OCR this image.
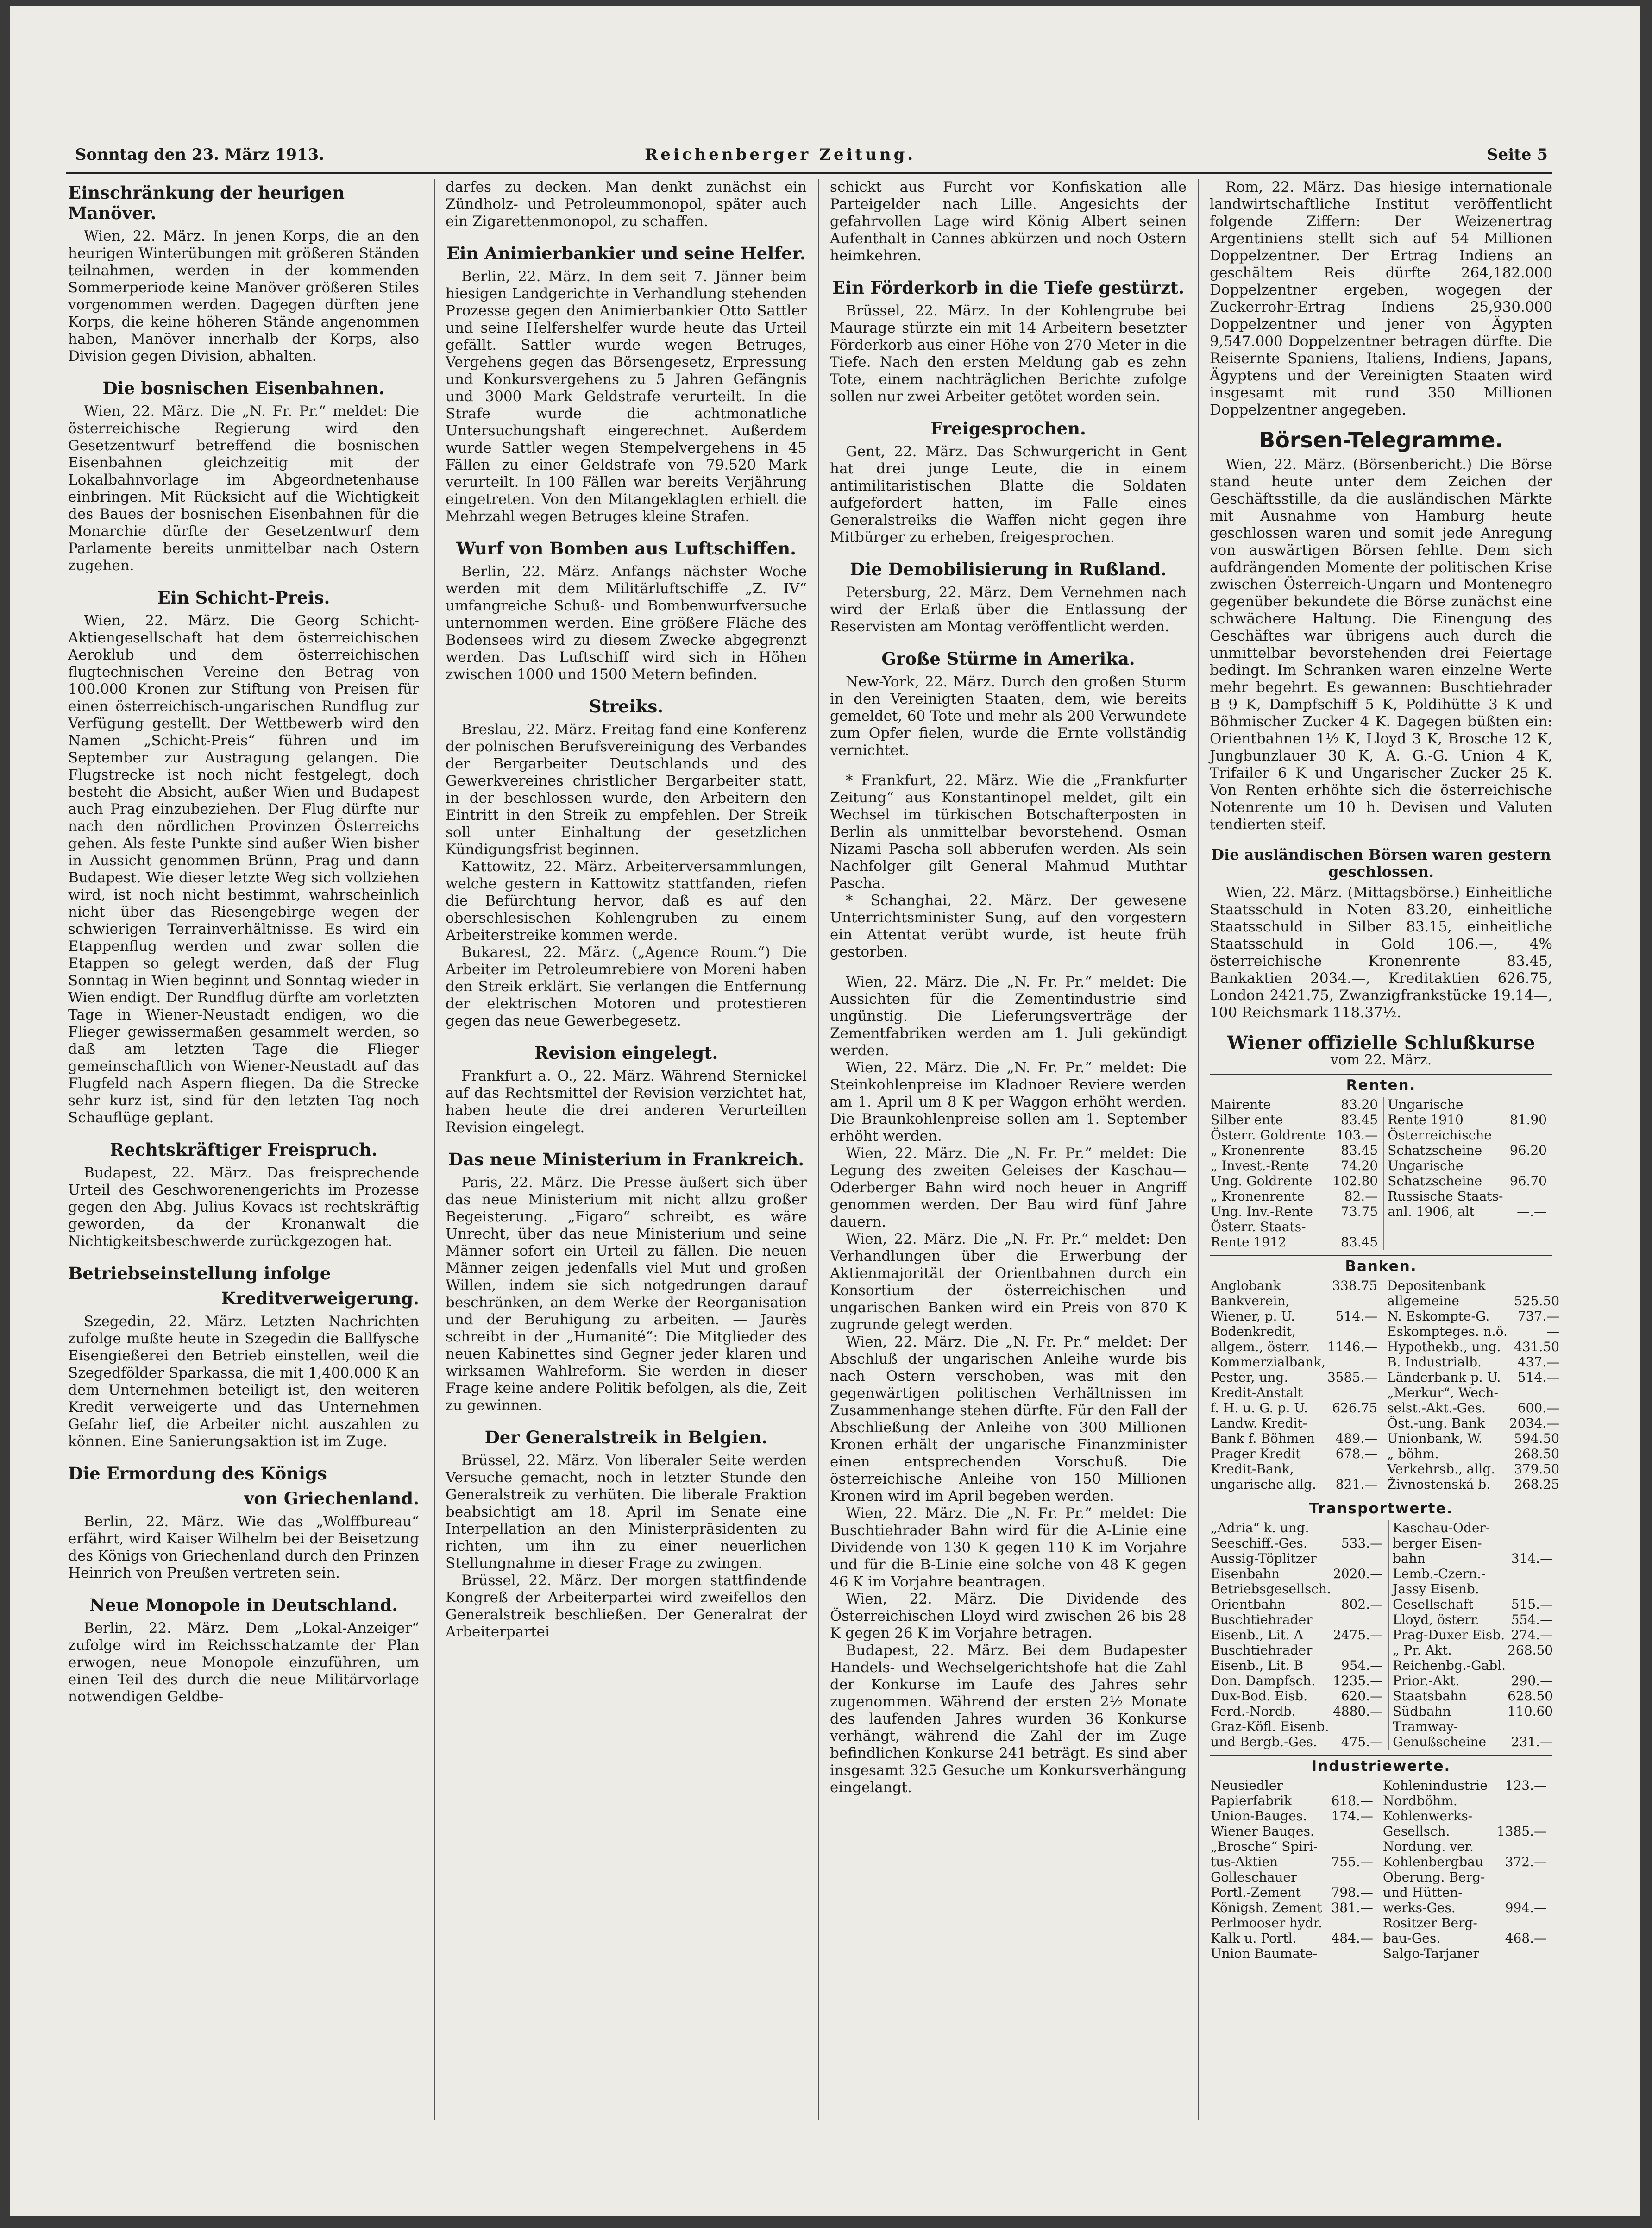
Sonntag den 23. März 1913.	Reichenberger Zeitung.	Seite 5
Einschränkung der heurigen Manöver.

Wien, 22. März. In jenen Korps, die an den heurigen Winterübungen mit größeren Ständen teilnahmen, werden in der kommenden Sommerperiode keine Manöver größeren Stiles vorgenommen werden. Dagegen dürften jene Korps, die keine höheren Stände angenommen haben, Manöver innerhalb der Korps, also Division gegen Division, abhalten.

Die bosnischen Eisenbahnen.

Wien, 22. März. Die „N. Fr. Pr.“ meldet: Die österreichische Regierung wird den Gesetzentwurf betreffend die bosnischen Eisenbahnen gleichzeitig mit der Lokalbahnvorlage im Abgeordnetenhause einbringen. Mit Rücksicht auf die Wichtigkeit des Baues der bosnischen Eisenbahnen für die Monarchie dürfte der Gesetzentwurf dem Parlamente bereits unmittelbar nach Ostern zugehen.

Ein Schicht-Preis.

Wien, 22. März. Die Georg Schicht-Aktiengesellschaft hat dem österreichischen Aeroklub und dem österreichischen flugtechnischen Vereine den Betrag von 100.000 Kronen zur Stiftung von Preisen für einen österreichisch-ungarischen Rundflug zur Verfügung gestellt. Der Wettbewerb wird den Namen „Schicht-Preis“ führen und im September zur Austragung gelangen. Die Flugstrecke ist noch nicht festgelegt, doch besteht die Absicht, außer Wien und Budapest auch Prag einzubeziehen. Der Flug dürfte nur nach den nördlichen Provinzen Österreichs gehen. Als feste Punkte sind außer Wien bisher in Aussicht genommen Brünn, Prag und dann Budapest. Wie dieser letzte Weg sich vollziehen wird, ist noch nicht bestimmt, wahrscheinlich nicht über das Riesengebirge wegen der schwierigen Terrainverhältnisse. Es wird ein Etappenflug werden und zwar sollen die Etappen so gelegt werden, daß der Flug Sonntag in Wien beginnt und Sonntag wieder in Wien endigt. Der Rundflug dürfte am vorletzten Tage in Wiener-Neustadt endigen, wo die Flieger gewissermaßen gesammelt werden, so daß am letzten Tage die Flieger gemeinschaftlich von Wiener-Neustadt auf das Flugfeld nach Aspern fliegen. Da die Strecke sehr kurz ist, sind für den letzten Tag noch Schauflüge geplant.

Rechtskräftiger Freispruch.

Budapest, 22. März. Das freisprechende Urteil des Geschworenengerichts im Prozesse gegen den Abg. Julius Kovacs ist rechtskräftig geworden, da der Kronanwalt die Nichtigkeitsbeschwerde zurückgezogen hat.

Betriebseinstellung infolge
Kreditverweigerung.

Szegedin, 22. März. Letzten Nachrichten zufolge mußte heute in Szegedin die Ballfysche Eisengießerei den Betrieb einstellen, weil die Szegedfölder Sparkassa, die mit 1,400.000 K an dem Unternehmen beteiligt ist, den weiteren Kredit verweigerte und das Unternehmen Gefahr lief, die Arbeiter nicht auszahlen zu können. Eine Sanierungsaktion ist im Zuge.

Die Ermordung des Königs
von Griechenland.

Berlin, 22. März. Wie das „Wolffbureau“ erfährt, wird Kaiser Wilhelm bei der Beisetzung des Königs von Griechenland durch den Prinzen Heinrich von Preußen vertreten sein.

Neue Monopole in Deutschland.

Berlin, 22. März. Dem „Lokal-Anzeiger“ zufolge wird im Reichsschatzamte der Plan erwogen, neue Monopole einzuführen, um einen Teil des durch die neue Militärvorlage notwendigen Geldbe-

darfes zu decken. Man denkt zunächst ein Zündholz- und Petroleummonopol, später auch ein Zigarettenmonopol, zu schaffen.

Ein Animierbankier und seine Helfer.

Berlin, 22. März. In dem seit 7. Jänner beim hiesigen Landgerichte in Verhandlung stehenden Prozesse gegen den Animierbankier Otto Sattler und seine Helfershelfer wurde heute das Urteil gefällt. Sattler wurde wegen Betruges, Vergehens gegen das Börsengesetz, Erpressung und Konkursvergehens zu 5 Jahren Gefängnis und 3000 Mark Geldstrafe verurteilt. In die Strafe wurde die achtmonatliche Untersuchungshaft eingerechnet. Außerdem wurde Sattler wegen Stempelvergehens in 45 Fällen zu einer Geldstrafe von 79.520 Mark verurteilt. In 100 Fällen war bereits Verjährung eingetreten. Von den Mitangeklagten erhielt die Mehrzahl wegen Betruges kleine Strafen.

Wurf von Bomben aus Luftschiffen.

Berlin, 22. März. Anfangs nächster Woche werden mit dem Militärluftschiffe „Z. IV“ umfangreiche Schuß- und Bombenwurfversuche unternommen werden. Eine größere Fläche des Bodensees wird zu diesem Zwecke abgegrenzt werden. Das Luftschiff wird sich in Höhen zwischen 1000 und 1500 Metern befinden.

Streiks.

Breslau, 22. März. Freitag fand eine Konferenz der polnischen Berufsvereinigung des Verbandes der Bergarbeiter Deutschlands und des Gewerkvereines christlicher Bergarbeiter statt, in der beschlossen wurde, den Arbeitern den Eintritt in den Streik zu empfehlen. Der Streik soll unter Einhaltung der gesetzlichen Kündigungsfrist beginnen.

Kattowitz, 22. März. Arbeiterversammlungen, welche gestern in Kattowitz stattfanden, riefen die Befürchtung hervor, daß es auf den oberschlesischen Kohlengruben zu einem Arbeiterstreike kommen werde.

Bukarest, 22. März. („Agence Roum.“) Die Arbeiter im Petroleumrebiere von Moreni haben den Streik erklärt. Sie verlangen die Entfernung der elektrischen Motoren und protestieren gegen das neue Gewerbegesetz.

Revision eingelegt.

Frankfurt a. O., 22. März. Während Sternickel auf das Rechtsmittel der Revision verzichtet hat, haben heute die drei anderen Verurteilten Revision eingelegt.

Das neue Ministerium in Frankreich.

Paris, 22. März. Die Presse äußert sich über das neue Ministerium mit nicht allzu großer Begeisterung. „Figaro“ schreibt, es wäre Unrecht, über das neue Ministerium und seine Männer sofort ein Urteil zu fällen. Die neuen Männer zeigen jedenfalls viel Mut und großen Willen, indem sie sich notgedrungen darauf beschränken, an dem Werke der Reorganisation und der Beruhigung zu arbeiten. — Jaurès schreibt in der „Humanité“: Die Mitglieder des neuen Kabinettes sind Gegner jeder klaren und wirksamen Wahlreform. Sie werden in dieser Frage keine andere Politik befolgen, als die, Zeit zu gewinnen.

Der Generalstreik in Belgien.

Brüssel, 22. März. Von liberaler Seite werden Versuche gemacht, noch in letzter Stunde den Generalstreik zu verhüten. Die liberale Fraktion beabsichtigt am 18. April im Senate eine Interpellation an den Ministerpräsidenten zu richten, um ihn zu einer neuerlichen Stellungnahme in dieser Frage zu zwingen.

Brüssel, 22. März. Der morgen stattfindende Kongreß der Arbeiterpartei wird zweifellos den Generalstreik beschließen. Der Generalrat der Arbeiterpartei

schickt aus Furcht vor Konfiskation alle Parteigelder nach Lille. Angesichts der gefahrvollen Lage wird König Albert seinen Aufenthalt in Cannes abkürzen und noch Ostern heimkehren.

Ein Förderkorb in die Tiefe gestürzt.

Brüssel, 22. März. In der Kohlengrube bei Maurage stürzte ein mit 14 Arbeitern besetzter Förderkorb aus einer Höhe von 270 Meter in die Tiefe. Nach den ersten Meldung gab es zehn Tote, einem nachträglichen Berichte zufolge sollen nur zwei Arbeiter getötet worden sein.

Freigesprochen.

Gent, 22. März. Das Schwurgericht in Gent hat drei junge Leute, die in einem antimilitaristischen Blatte die Soldaten aufgefordert hatten, im Falle eines Generalstreiks die Waffen nicht gegen ihre Mitbürger zu erheben, freigesprochen.

Die Demobilisierung in Rußland.

Petersburg, 22. März. Dem Vernehmen nach wird der Erlaß über die Entlassung der Reservisten am Montag veröffentlicht werden.

Große Stürme in Amerika.

New-York, 22. März. Durch den großen Sturm in den Vereinigten Staaten, dem, wie bereits gemeldet, 60 Tote und mehr als 200 Verwundete zum Opfer fielen, wurde die Ernte vollständig vernichtet.

* Frankfurt, 22. März. Wie die „Frankfurter Zeitung“ aus Konstantinopel meldet, gilt ein Wechsel im türkischen Botschafterposten in Berlin als unmittelbar bevorstehend. Osman Nizami Pascha soll abberufen werden. Als sein Nachfolger gilt General Mahmud Muthtar Pascha.

* Schanghai, 22. März. Der gewesene Unterrichtsminister Sung, auf den vorgestern ein Attentat verübt wurde, ist heute früh gestorben.

Wien, 22. März. Die „N. Fr. Pr.“ meldet: Die Aussichten für die Zementindustrie sind ungünstig. Die Lieferungsverträge der Zementfabriken werden am 1. Juli gekündigt werden.

Wien, 22. März. Die „N. Fr. Pr.“ meldet: Die Steinkohlenpreise im Kladnoer Reviere werden am 1. April um 8 K per Waggon erhöht werden. Die Braunkohlenpreise sollen am 1. September erhöht werden.

Wien, 22. März. Die „N. Fr. Pr.“ meldet: Die Legung des zweiten Geleises der Kaschau—Oderberger Bahn wird noch heuer in Angriff genommen werden. Der Bau wird fünf Jahre dauern.

Wien, 22. März. Die „N. Fr. Pr.“ meldet: Den Verhandlungen über die Erwerbung der Aktienmajorität der Orientbahnen durch ein Konsortium der österreichischen und ungarischen Banken wird ein Preis von 870 K zugrunde gelegt werden.

Wien, 22. März. Die „N. Fr. Pr.“ meldet: Der Abschluß der ungarischen Anleihe wurde bis nach Ostern verschoben, was mit den gegenwärtigen politischen Verhältnissen im Zusammenhange stehen dürfte. Für den Fall der Abschließung der Anleihe von 300 Millionen Kronen erhält der ungarische Finanzminister einen entsprechenden Vorschuß. Die österreichische Anleihe von 150 Millionen Kronen wird im April begeben werden.

Wien, 22. März. Die „N. Fr. Pr.“ meldet: Die Buschtiehrader Bahn wird für die A-Linie eine Dividende von 130 K gegen 110 K im Vorjahre und für die B-Linie eine solche von 48 K gegen 46 K im Vorjahre beantragen.

Wien, 22. März. Die Dividende des Österreichischen Lloyd wird zwischen 26 bis 28 K gegen 26 K im Vorjahre betragen.

Budapest, 22. März. Bei dem Budapester Handels- und Wechselgerichtshofe hat die Zahl der Konkurse im Laufe des Jahres sehr zugenommen. Während der ersten 2½ Monate des laufenden Jahres wurden 36 Konkurse verhängt, während die Zahl der im Zuge befindlichen Konkurse 241 beträgt. Es sind aber insgesamt 325 Gesuche um Konkursverhängung eingelangt.

Rom, 22. März. Das hiesige internationale landwirtschaftliche Institut veröffentlicht folgende Ziffern: Der Weizenertrag Argentiniens stellt sich auf 54 Millionen Doppelzentner. Der Ertrag Indiens an geschältem Reis dürfte 264,182.000 Doppelzentner ergeben, wogegen der Zuckerrohr-Ertrag Indiens 25,930.000 Doppelzentner und jener von Ägypten 9,547.000 Doppelzentner betragen dürfte. Die Reisernte Spaniens, Italiens, Indiens, Japans, Ägyptens und der Vereinigten Staaten wird insgesamt mit rund 350 Millionen Doppelzentner angegeben.

Börsen-Telegramme.

Wien, 22. März. (Börsenbericht.) Die Börse stand heute unter dem Zeichen der Geschäftsstille, da die ausländischen Märkte mit Ausnahme von Hamburg heute geschlossen waren und somit jede Anregung von auswärtigen Börsen fehlte. Dem sich aufdrängenden Momente der politischen Krise zwischen Österreich-Ungarn und Montenegro gegenüber bekundete die Börse zunächst eine schwächere Haltung. Die Einengung des Geschäftes war übrigens auch durch die unmittelbar bevorstehenden drei Feiertage bedingt. Im Schranken waren einzelne Werte mehr begehrt. Es gewannen: Buschtiehrader B 9 K, Dampfschiff 5 K, Poldihütte 3 K und Böhmischer Zucker 4 K. Dagegen büßten ein: Orientbahnen 1½ K, Lloyd 3 K, Brosche 12 K, Jungbunzlauer 30 K, A. G.-G. Union 4 K, Trifailer 6 K und Ungarischer Zucker 25 K. Von Renten erhöhte sich die österreichische Notenrente um 10 h. Devisen und Valuten tendierten steif.

Die ausländischen Börsen waren gestern geschlossen.

Wien, 22. März. (Mittagsbörse.) Einheitliche Staatsschuld in Noten 83.20, einheitliche Staatsschuld in Silber 83.15, einheitliche Staatsschuld in Gold 106.—, 4% österreichische Kronenrente 83.45, Bankaktien 2034.—, Kreditaktien 626.75, London 2421.75, Zwanzigfrankstücke 19.14—, 100 Reichsmark 118.37½.

Wiener offizielle Schlußkurse
vom 22. März.
Renten.
Mairente	83.20	Ungarische	
Silber ente	83.45	Rente 1910	81.90
Österr. Goldrente	103.—	Österreichische	
„ Kronenrente	83.45	Schatzscheine	96.20
„ Invest.-Rente	74.20	Ungarische	
Ung. Goldrente	102.80	Schatzscheine	96.70
„ Kronenrente	82.—	Russische Staats-	
Ung. Inv.-Rente	73.75	anl. 1906, alt	—.—
Österr. Staats-			
Rente 1912	83.45		
Banken.
Anglobank	338.75	Depositenbank	
Bankverein,		allgemeine	525.50
Wiener, p. U.	514.—	N. Eskompte-G.	737.—
Bodenkredit,		Eskompteges. n.ö.	—
allgem., österr.	1146.—	Hypothekb., ung.	431.50
Kommerzialbank,		B. Industrialb.	437.—
Pester, ung.	3585.—	Länderbank p. U.	514.—
Kredit-Anstalt		„Merkur“, Wech-	
f. H. u. G. p. U.	626.75	selst.-Akt.-Ges.	600.—
Landw. Kredit-		Öst.-ung. Bank	2034.—
Bank f. Böhmen	489.—	Unionbank, W.	594.50
Prager Kredit	678.—	„ böhm.	268.50
Kredit-Bank,		Verkehrsb., allg.	379.50
ungarische allg.	821.—	Živnostenská b.	268.25
Transportwerte.
„Adria“ k. ung.		Kaschau-Oder-	
Seeschiff.-Ges.	533.—	berger Eisen-	
Aussig-Töplitzer		bahn	314.—
Eisenbahn	2020.—	Lemb.-Czern.-	
Betriebsgesellsch.		Jassy Eisenb.	
Orientbahn	802.—	Gesellschaft	515.—
Buschtiehrader		Lloyd, österr.	554.—
Eisenb., Lit. A	2475.—	Prag-Duxer Eisb.	274.—
Buschtiehrader		„ Pr. Akt.	268.50
Eisenb., Lit. B	954.—	Reichenbg.-Gabl.	
Don. Dampfsch.	1235.—	Prior.-Akt.	290.—
Dux-Bod. Eisb.	620.—	Staatsbahn	628.50
Ferd.-Nordb.	4880.—	Südbahn	110.60
Graz-Köfl. Eisenb.		Tramway-	
und Bergb.-Ges.	475.—	Genußscheine	231.—
Industriewerte.
Neusiedler		Kohlenindustrie	123.—
Papierfabrik	618.—	Nordböhm.	
Union-Bauges.	174.—	Kohlenwerks-	
Wiener Bauges.		Gesellsch.	1385.—
„Brosche“ Spiri-		Nordung. ver.	
tus-Aktien	755.—	Kohlenbergbau	372.—
Golleschauer		Oberung. Berg-	
Portl.-Zement	798.—	und Hütten-	
Königsh. Zement	381.—	werks-Ges.	994.—
Perlmooser hydr.		Rositzer Berg-	
Kalk u. Portl.	484.—	bau-Ges.	468.—
Union Baumate-		Salgo-Tarjaner	
